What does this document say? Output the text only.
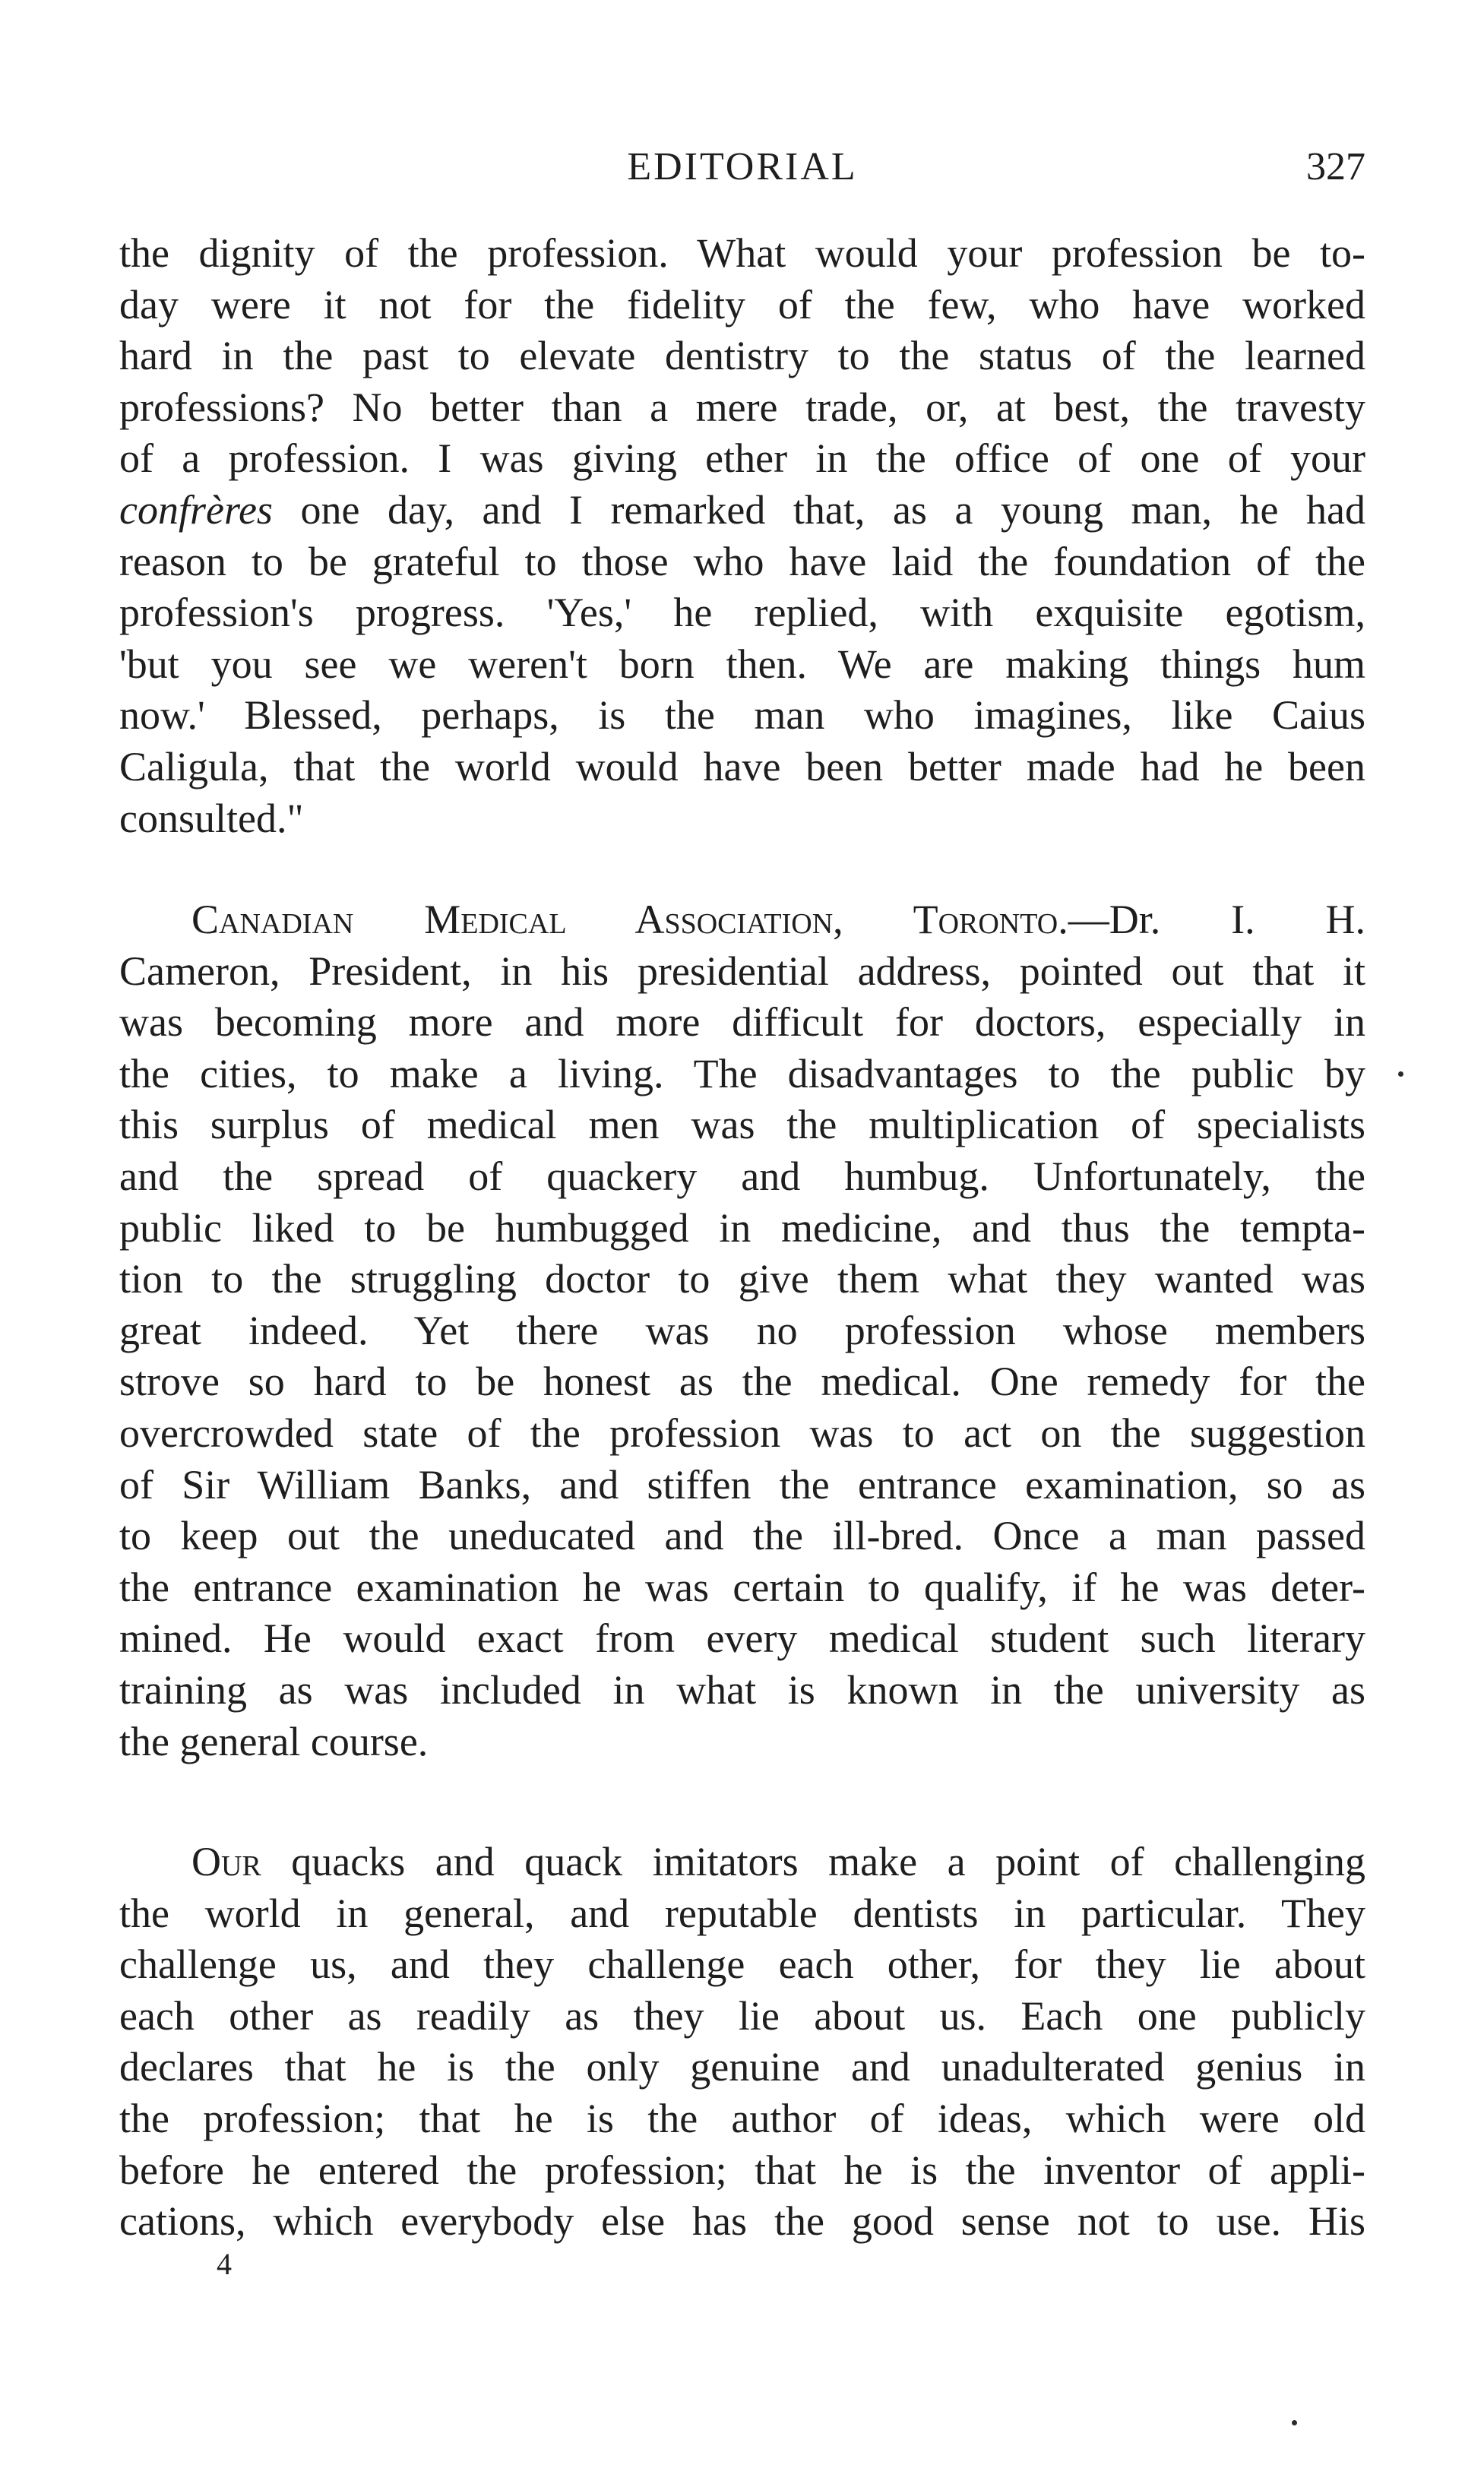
EDITORIAL	327
the dignity of the profession. What would your profession be to-
day were it not for the fidelity of the few, who have worked
hard in the past to elevate dentistry to the status of the learned
professions? No better than a mere trade, or, at best, the travesty
of a profession. I was giving ether in the office of one of your
confrères one day, and I remarked that, as a young man, he had
reason to be grateful to those who have laid the foundation of the
profession's progress. 'Yes,' he replied, with exquisite egotism,
'but you see we weren't born then. We are making things hum
now.' Blessed, perhaps, is the man who imagines, like Caius
Caligula, that the world would have been better made had he been
consulted."
Canadian Medical Association, Toronto.—Dr. I. H.
Cameron, President, in his presidential address, pointed out that it
was becoming more and more difficult for doctors, especially in
the cities, to make a living. The disadvantages to the public by
this surplus of medical men was the multiplication of specialists
and the spread of quackery and humbug. Unfortunately, the
public liked to be humbugged in medicine, and thus the tempta-
tion to the struggling doctor to give them what they wanted was
great indeed. Yet there was no profession whose members
strove so hard to be honest as the medical. One remedy for the
overcrowded state of the profession was to act on the suggestion
of Sir William Banks, and stiffen the entrance examination, so as
to keep out the uneducated and the ill-bred. Once a man passed
the entrance examination he was certain to qualify, if he was deter-
mined. He would exact from every medical student such literary
training as was included in what is known in the university as
the general course.
Our quacks and quack imitators make a point of challenging
the world in general, and reputable dentists in particular. They
challenge us, and they challenge each other, for they lie about
each other as readily as they lie about us. Each one publicly
declares that he is the only genuine and unadulterated genius in
the profession; that he is the author of ideas, which were old
before he entered the profession; that he is the inventor of appli-
cations, which everybody else has the good sense not to use. His
4
